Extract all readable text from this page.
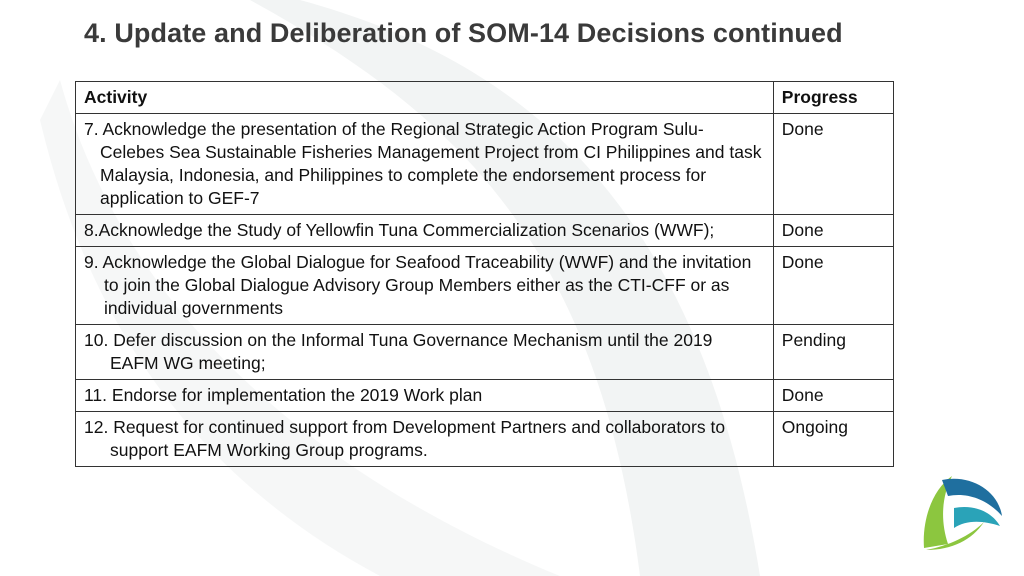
4. Update and Deliberation of SOM-14 Decisions continued
Activity	Progress

7. Acknowledge the presentation of the Regional Strategic Action Program Sulu-Celebes Sea Sustainable Fisheries Management Project from CI Philippines and task Malaysia, Indonesia, and Philippines to complete the endorsement process for application to GEF-7	Done

8.Acknowledge the Study of Yellowfin Tuna Commercialization Scenarios (WWF);	Done

9. Acknowledge the Global Dialogue for Seafood Traceability (WWF) and the invitation to join the Global Dialogue Advisory Group Members either as the CTI-CFF or as individual governments	Done

10. Defer discussion on the Informal Tuna Governance Mechanism until the 2019 EAFM WG meeting;	Pending

11. Endorse for implementation the 2019 Work plan	Done

12. Request for continued support from Development Partners and collaborators to support EAFM Working Group programs.	Ongoing
